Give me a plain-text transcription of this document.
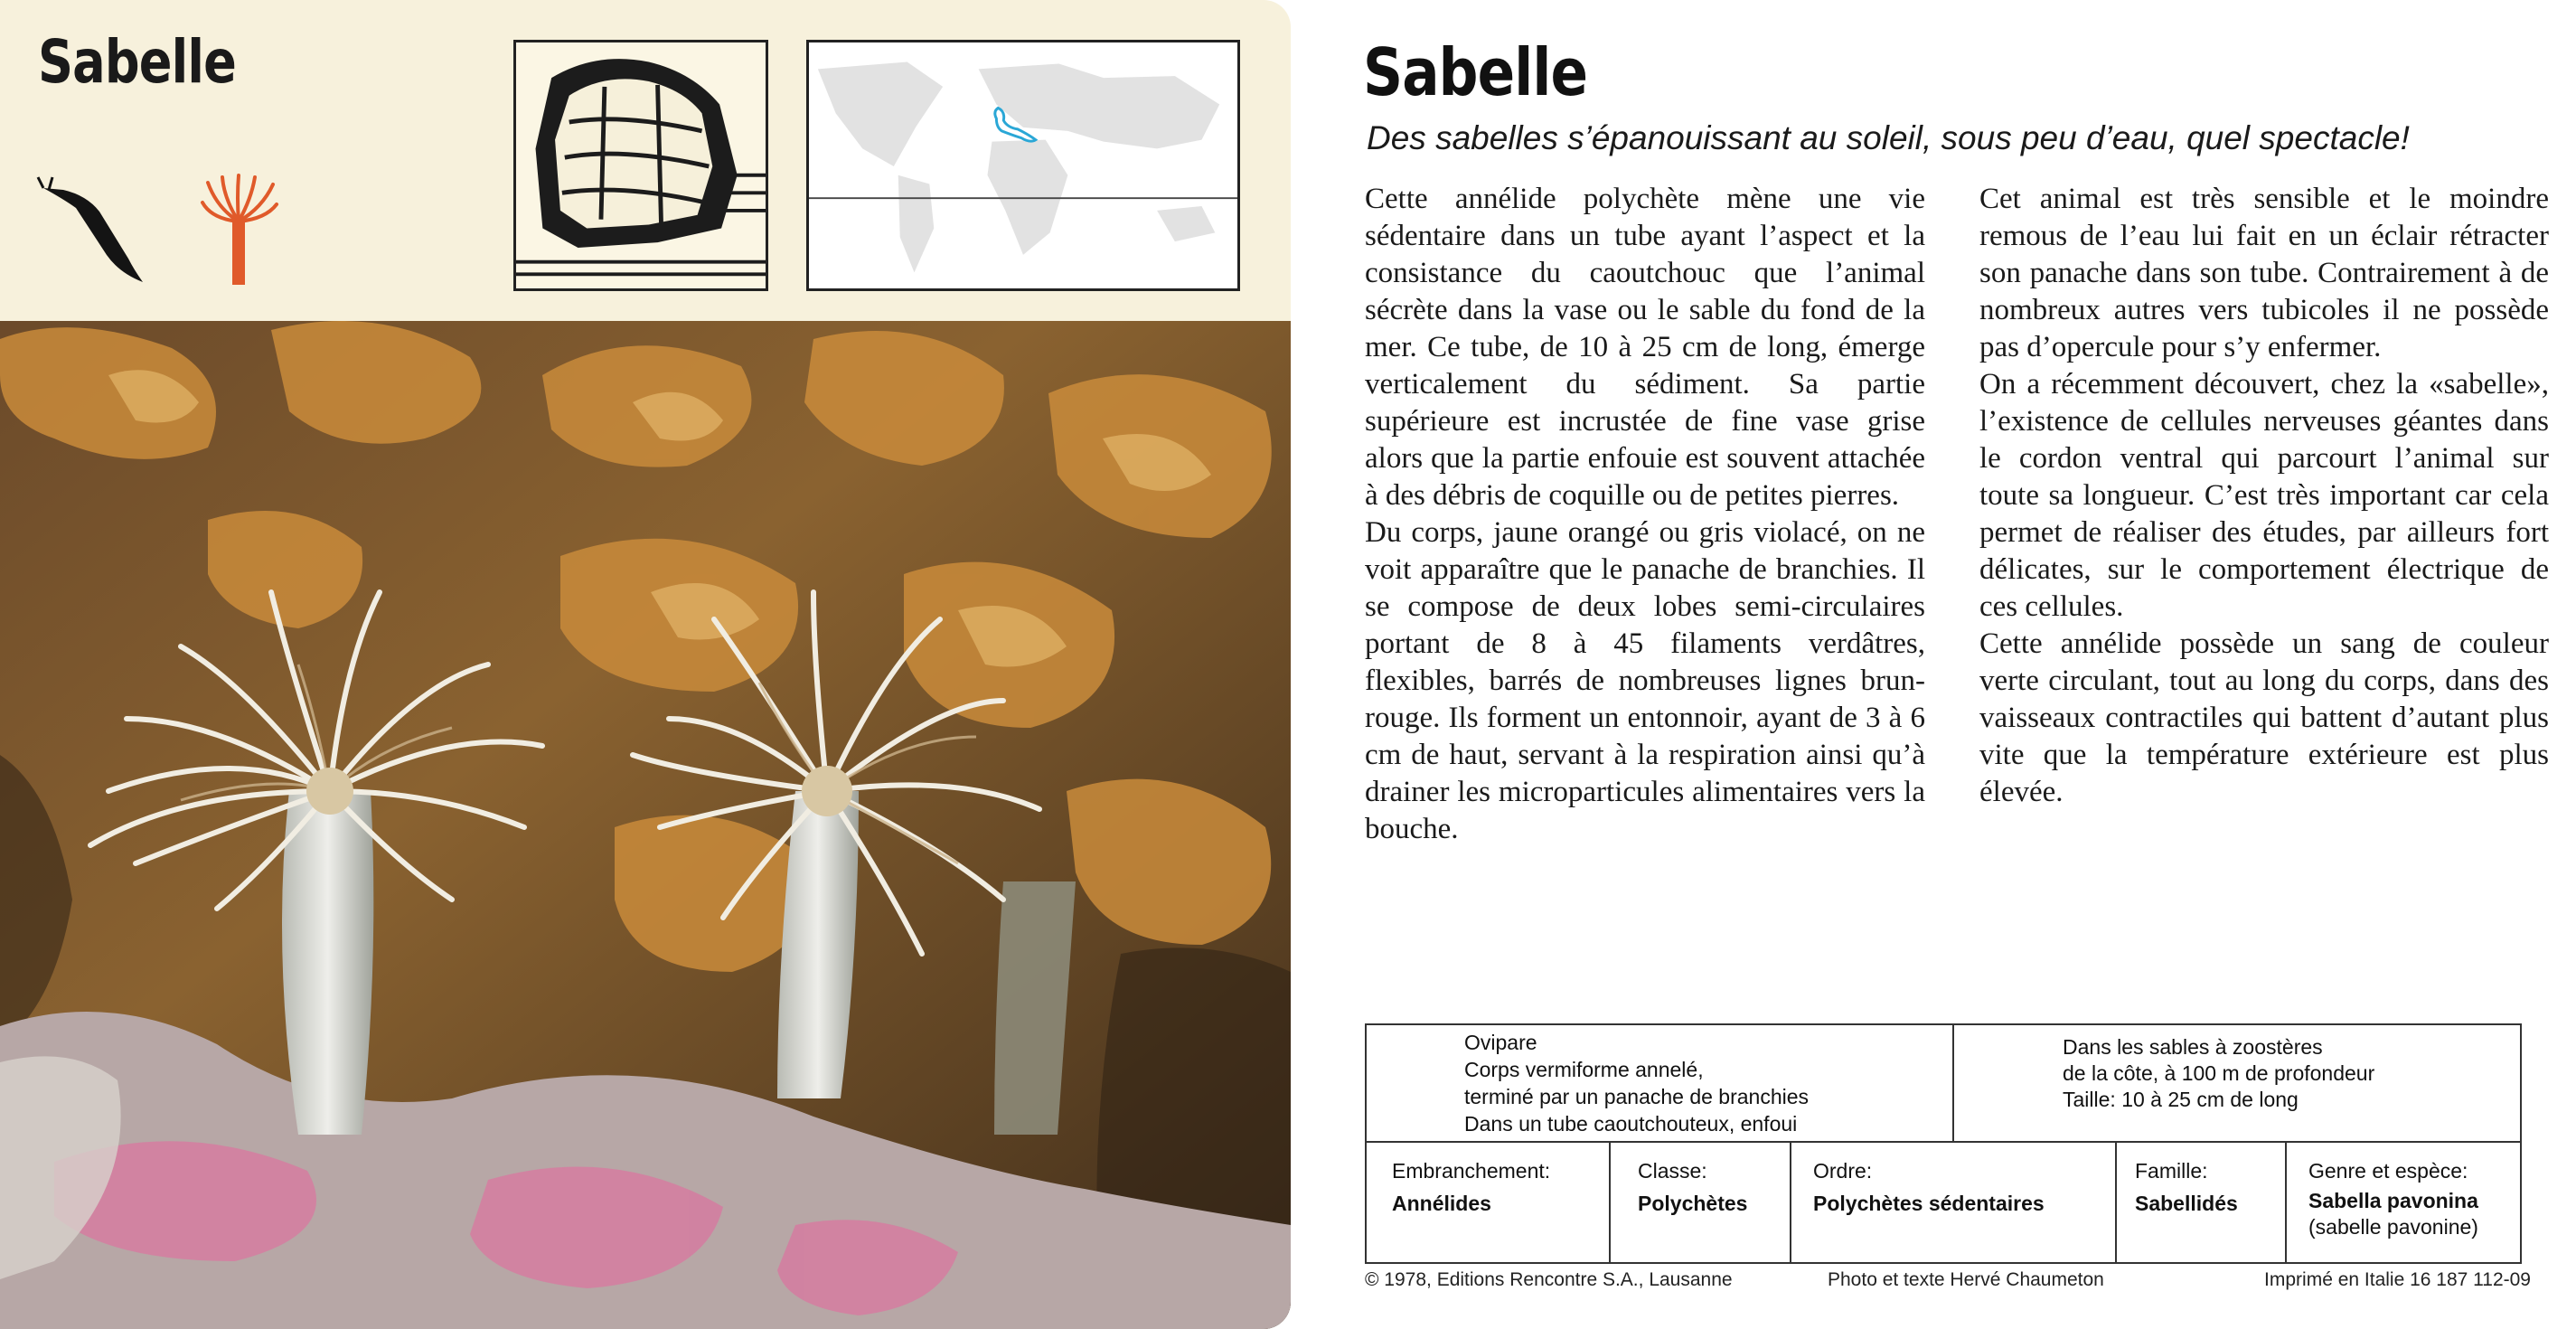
Sabelle	Sabelle
Des sabelles s’épanouissant au soleil, sous peu d’eau, quel spectacle!

Cette annélide polychète mène une vie sédentaire dans un tube ayant l’aspect et la consistance du caoutchouc que l’animal sécrète dans la vase ou le sable du fond de la mer. Ce tube, de 10 à 25 cm de long, émerge verticalement du sédiment. Sa partie supérieure est incrustée de fine vase grise alors que la partie enfouie est souvent attachée à des débris de coquille ou de petites pierres.

Du corps, jaune orangé ou gris violacé, on ne voit apparaître que le panache de branchies. Il se compose de deux lobes semi-circulaires portant de 8 à 45 filaments verdâtres, flexibles, barrés de nombreuses lignes brun-rouge. Ils forment un entonnoir, ayant de 3 à 6 cm de haut, servant à la respiration ainsi qu’à drainer les microparticules alimentaires vers la bouche.

Cet animal est très sensible et le moindre remous de l’eau lui fait en un éclair rétracter son panache dans son tube. Contrairement à de nombreux autres vers tubicoles il ne possède pas d’opercule pour s’y enfermer.

On a récemment découvert, chez la «sabelle», l’existence de cellules nerveuses géantes dans le cordon ventral qui parcourt l’animal sur toute sa longueur. C’est très important car cela permet de réaliser des études, par ailleurs fort délicates, sur le comportement électrique de ces cellules.

Cette annélide possède un sang de couleur verte circulant, tout au long du corps, dans des vaisseaux contractiles qui battent d’autant plus vite que la température extérieure est plus élevée.

Ovipare
Corps vermiforme annelé,
terminé par un panache de branchies
Dans un tube caoutchouteux, enfoui
Dans les sables à zoostères
de la côte, à 100 m de profondeur
Taille: 10 à 25 cm de long
Embranchement:
Annélides
Classe:
Polychètes
Ordre:
Polychètes sédentaires
Famille:
Sabellidés
Genre et espèce:
Sabella pavonina
(sabelle pavonine)
© 1978, Editions Rencontre S.A., Lausanne	Photo et texte Hervé Chaumeton	Imprimé en Italie 16 187 112-09
